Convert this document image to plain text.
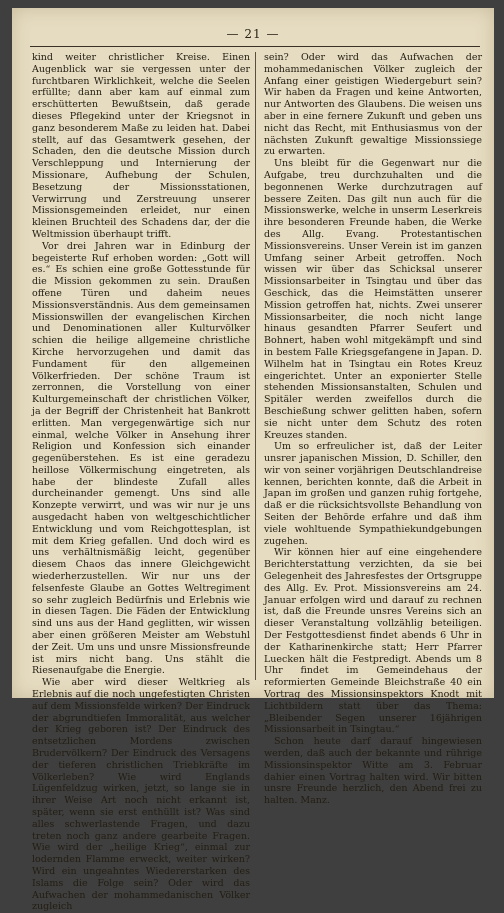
— 21 —

kind weiter christlicher Kreise. Einen Augenblick war sie vergessen unter der furchtbaren Wirklichkeit, welche die Seelen erfüllte; dann aber kam auf einmal zum erschütterten Bewußtsein, daß gerade dieses Pflegekind unter der Kriegsnot in ganz besonderem Maße zu leiden hat. Dabei stellt, auf das Gesamtwerk gesehen, der Schaden, den die deutsche Mission durch Verschleppung und Internierung der Missionare, Aufhebung der Schulen, Besetzung der Missionsstationen, Verwirrung und Zerstreuung unserer Missionsgemeinden erleidet, nur einen kleinen Bruchteil des Schadens dar, der die Weltmission überhaupt trifft.

Vor drei Jahren war in Edinburg der begeisterte Ruf erhoben worden: „Gott will es.“ Es schien eine große Gottesstunde für die Mission gekommen zu sein. Draußen offene Türen und daheim neues Missionsverständnis. Aus dem gemeinsamen Missionswillen der evangelischen Kirchen und Denominationen aller Kulturvölker schien die heilige allgemeine christliche Kirche hervorzugehen und damit das Fundament für den allgemeinen Völkerfrieden. Der schöne Traum ist zerronnen, die Vorstellung von einer Kulturgemeinschaft der christlichen Völker, ja der Begriff der Christenheit hat Bankrott erlitten. Man vergegenwärtige sich nur einmal, welche Völker in Ansehung ihrer Religion und Konfession sich einander gegenüberstehen. Es ist eine geradezu heillose Völkermischung eingetreten, als habe der blindeste Zufall alles durcheinander gemengt. Uns sind alle Konzepte verwirrt, und was wir nur je uns ausgedacht haben von weltgeschichtlicher Entwicklung und vom Reichgottesplan, ist mit dem Krieg gefallen. Und doch wird es uns verhältnismäßig leicht, gegenüber diesem Chaos das innere Gleichgewicht wiederherzustellen. Wir nur uns der felsenfeste Glaube an Gottes Weltregiment so sehr zugleich Bedürfnis und Erlebnis wie in diesen Tagen. Die Fäden der Entwicklung sind uns aus der Hand geglitten, wir wissen aber einen größeren Meister am Webstuhl der Zeit. Um uns und unsre Missionsfreunde ist mirs nicht bang. Uns stählt die Riesenaufgabe die Energie.

Wie aber wird dieser Weltkrieg als Erlebnis auf die noch ungefestigten Christen auf dem Missionsfelde wirken? Der Eindruck der abgrundtiefen Immoralität, aus welcher der Krieg geboren ist? Der Eindruck des entsetzlichen Mordens zwischen Brudervölkern? Der Eindruck des Versagens der tieferen christlichen Triebkräfte im Völkerleben? Wie wird Englands Lügenfeldzug wirken, jetzt, so lange sie in ihrer Weise Art noch nicht erkannt ist, später, wenn sie erst enthüllt ist? Was sind alles schwerlastende Fragen, und dazu treten noch ganz andere gearbeite Fragen. Wie wird der „heilige Krieg“, einmal zur lodernden Flamme erweckt, weiter wirken? Wird ein ungeahntes Wiedererstarken des Islams die Folge sein? Oder wird das Aufwachen der mohammedanischen Völker zugleich

sein? Oder wird das Aufwachen der mohammedanischen Völker zugleich der Anfang einer geistigen Wiedergeburt sein? Wir haben da Fragen und keine Antworten, nur Antworten des Glaubens. Die weisen uns aber in eine fernere Zukunft und geben uns nicht das Recht, mit Enthusiasmus von der nächsten Zukunft gewaltige Missionssiege zu erwarten.

Uns bleibt für die Gegenwart nur die Aufgabe, treu durchzuhalten und die begonnenen Werke durchzutragen auf bessere Zeiten. Das gilt nun auch für die Missionswerke, welche in unserm Leserkreis ihre besonderen Freunde haben, die Werke des Allg. Evang. Protestantischen Missionsvereins. Unser Verein ist im ganzen Umfang seiner Arbeit getroffen. Noch wissen wir über das Schicksal unserer Missionsarbeiter in Tsingtau und über das Geschick, das die Heimstätten unserer Mission getroffen hat, nichts. Zwei unserer Missionsarbeiter, die noch nicht lange hinaus gesandten Pfarrer Seufert und Bohnert, haben wohl mitgekämpft und sind in bestem Falle Kriegsgefangene in Japan. D. Wilhelm hat in Tsingtau ein Rotes Kreuz eingerichtet. Unter an exponierter Stelle stehenden Missionsanstalten, Schulen und Spitäler werden zweifellos durch die Beschießung schwer gelitten haben, sofern sie nicht unter dem Schutz des roten Kreuzes standen.

Um so erfreulicher ist, daß der Leiter unsrer japanischen Mission, D. Schiller, den wir von seiner vorjährigen Deutschlandreise kennen, berichten konnte, daß die Arbeit in Japan im großen und ganzen ruhig fortgehe, daß er die rücksichtsvollste Behandlung von Seiten der Behörde erfahre und daß ihm viele wohltuende Sympathiekundgebungen zugehen.

Wir können hier auf eine eingehendere Berichterstattung verzichten, da sie bei Gelegenheit des Jahresfestes der Ortsgruppe des Allg. Ev. Prot. Missionsvereins am 24. Januar erfolgen wird und darauf zu rechnen ist, daß die Freunde unsres Vereins sich an dieser Veranstaltung vollzählig beteiligen. Der Festgottesdienst findet abends 6 Uhr in der Katharinenkirche statt; Herr Pfarrer Luecken hält die Festpredigt. Abends um 8 Uhr findet im Gemeindehaus der reformierten Gemeinde Bleichstraße 40 ein Vortrag des Missionsinspektors Knodt mit Lichtbildern statt über das Thema: „Bleibender Segen unserer 16jährigen Missionsarbeit in Tsingtau.“

Schon heute darf darauf hingewiesen werden, daß auch der bekannte und rührige Missionsinspektor Witte am 3. Februar dahier einen Vortrag halten wird. Wir bitten unsre Freunde herzlich, den Abend frei zu halten. Manz.
